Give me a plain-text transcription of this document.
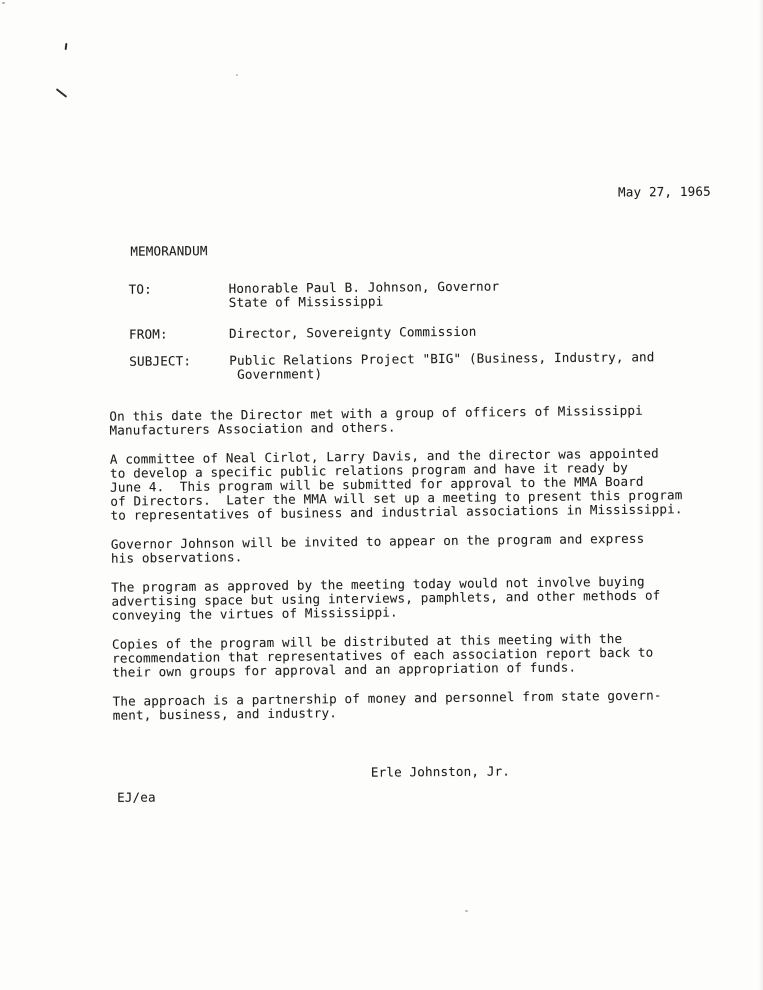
May 27, 1965
MEMORANDUM
TO:	Honorable Paul B. Johnson, Governor
State of Mississippi
FROM:	Director, Sovereignty Commission
SUBJECT:	Public Relations Project "BIG" (Business, Industry, and
Government)

On this date the Director met with a group of officers of Mississippi
Manufacturers Association and others.

A committee of Neal Cirlot, Larry Davis, and the director was appointed
to develop a specific public relations program and have it ready by
June 4.  This program will be submitted for approval to the MMA Board
of Directors.  Later the MMA will set up a meeting to present this program
to representatives of business and industrial associations in Mississippi.

Governor Johnson will be invited to appear on the program and express
his observations.

The program as approved by the meeting today would not involve buying
advertising space but using interviews, pamphlets, and other methods of
conveying the virtues of Mississippi.

Copies of the program will be distributed at this meeting with the
recommendation that representatives of each association report back to
their own groups for approval and an appropriation of funds.

The approach is a partnership of money and personnel from state govern-
ment, business, and industry.

Erle Johnston, Jr.
EJ/ea
